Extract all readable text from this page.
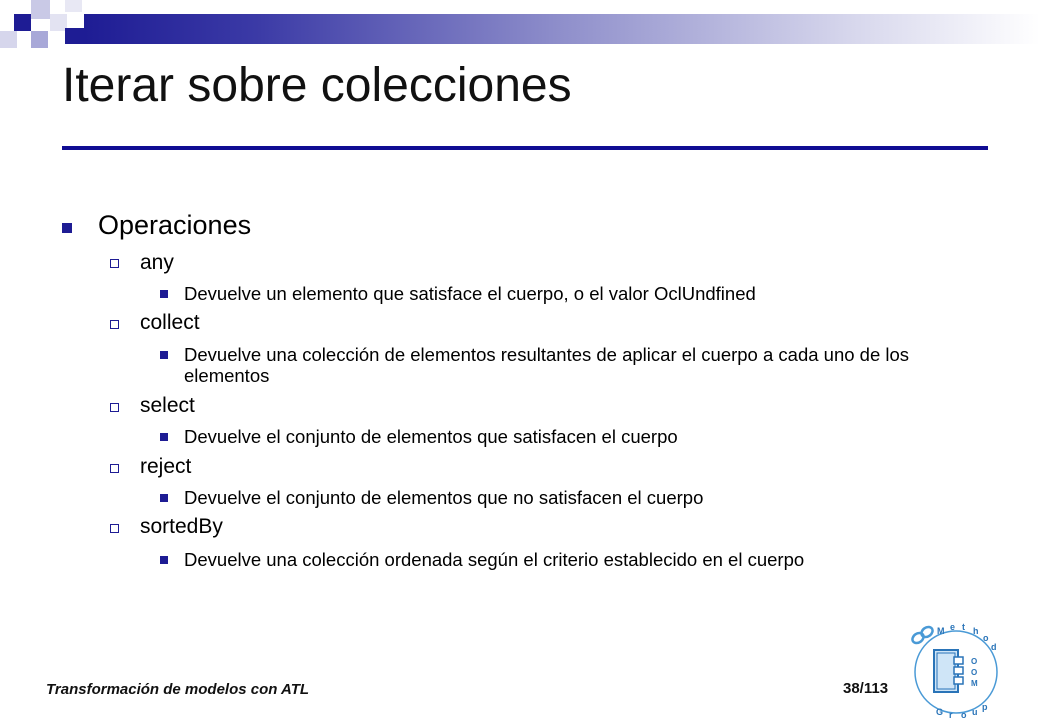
Iterar sobre colecciones
Operaciones
any
Devuelve un elemento que satisface el cuerpo, o el valor OclUndfined
collect
Devuelve una colección de elementos resultantes de aplicar el cuerpo a cada uno de los elementos
select
Devuelve el conjunto de elementos que satisfacen el cuerpo
reject
Devuelve el conjunto de elementos que no satisfacen el cuerpo
sortedBy
Devuelve una colección ordenada según el criterio establecido en el cuerpo
Transformación de modelos con ATL	38/113
O
O
M
M e t h
o
d
G r o u p
